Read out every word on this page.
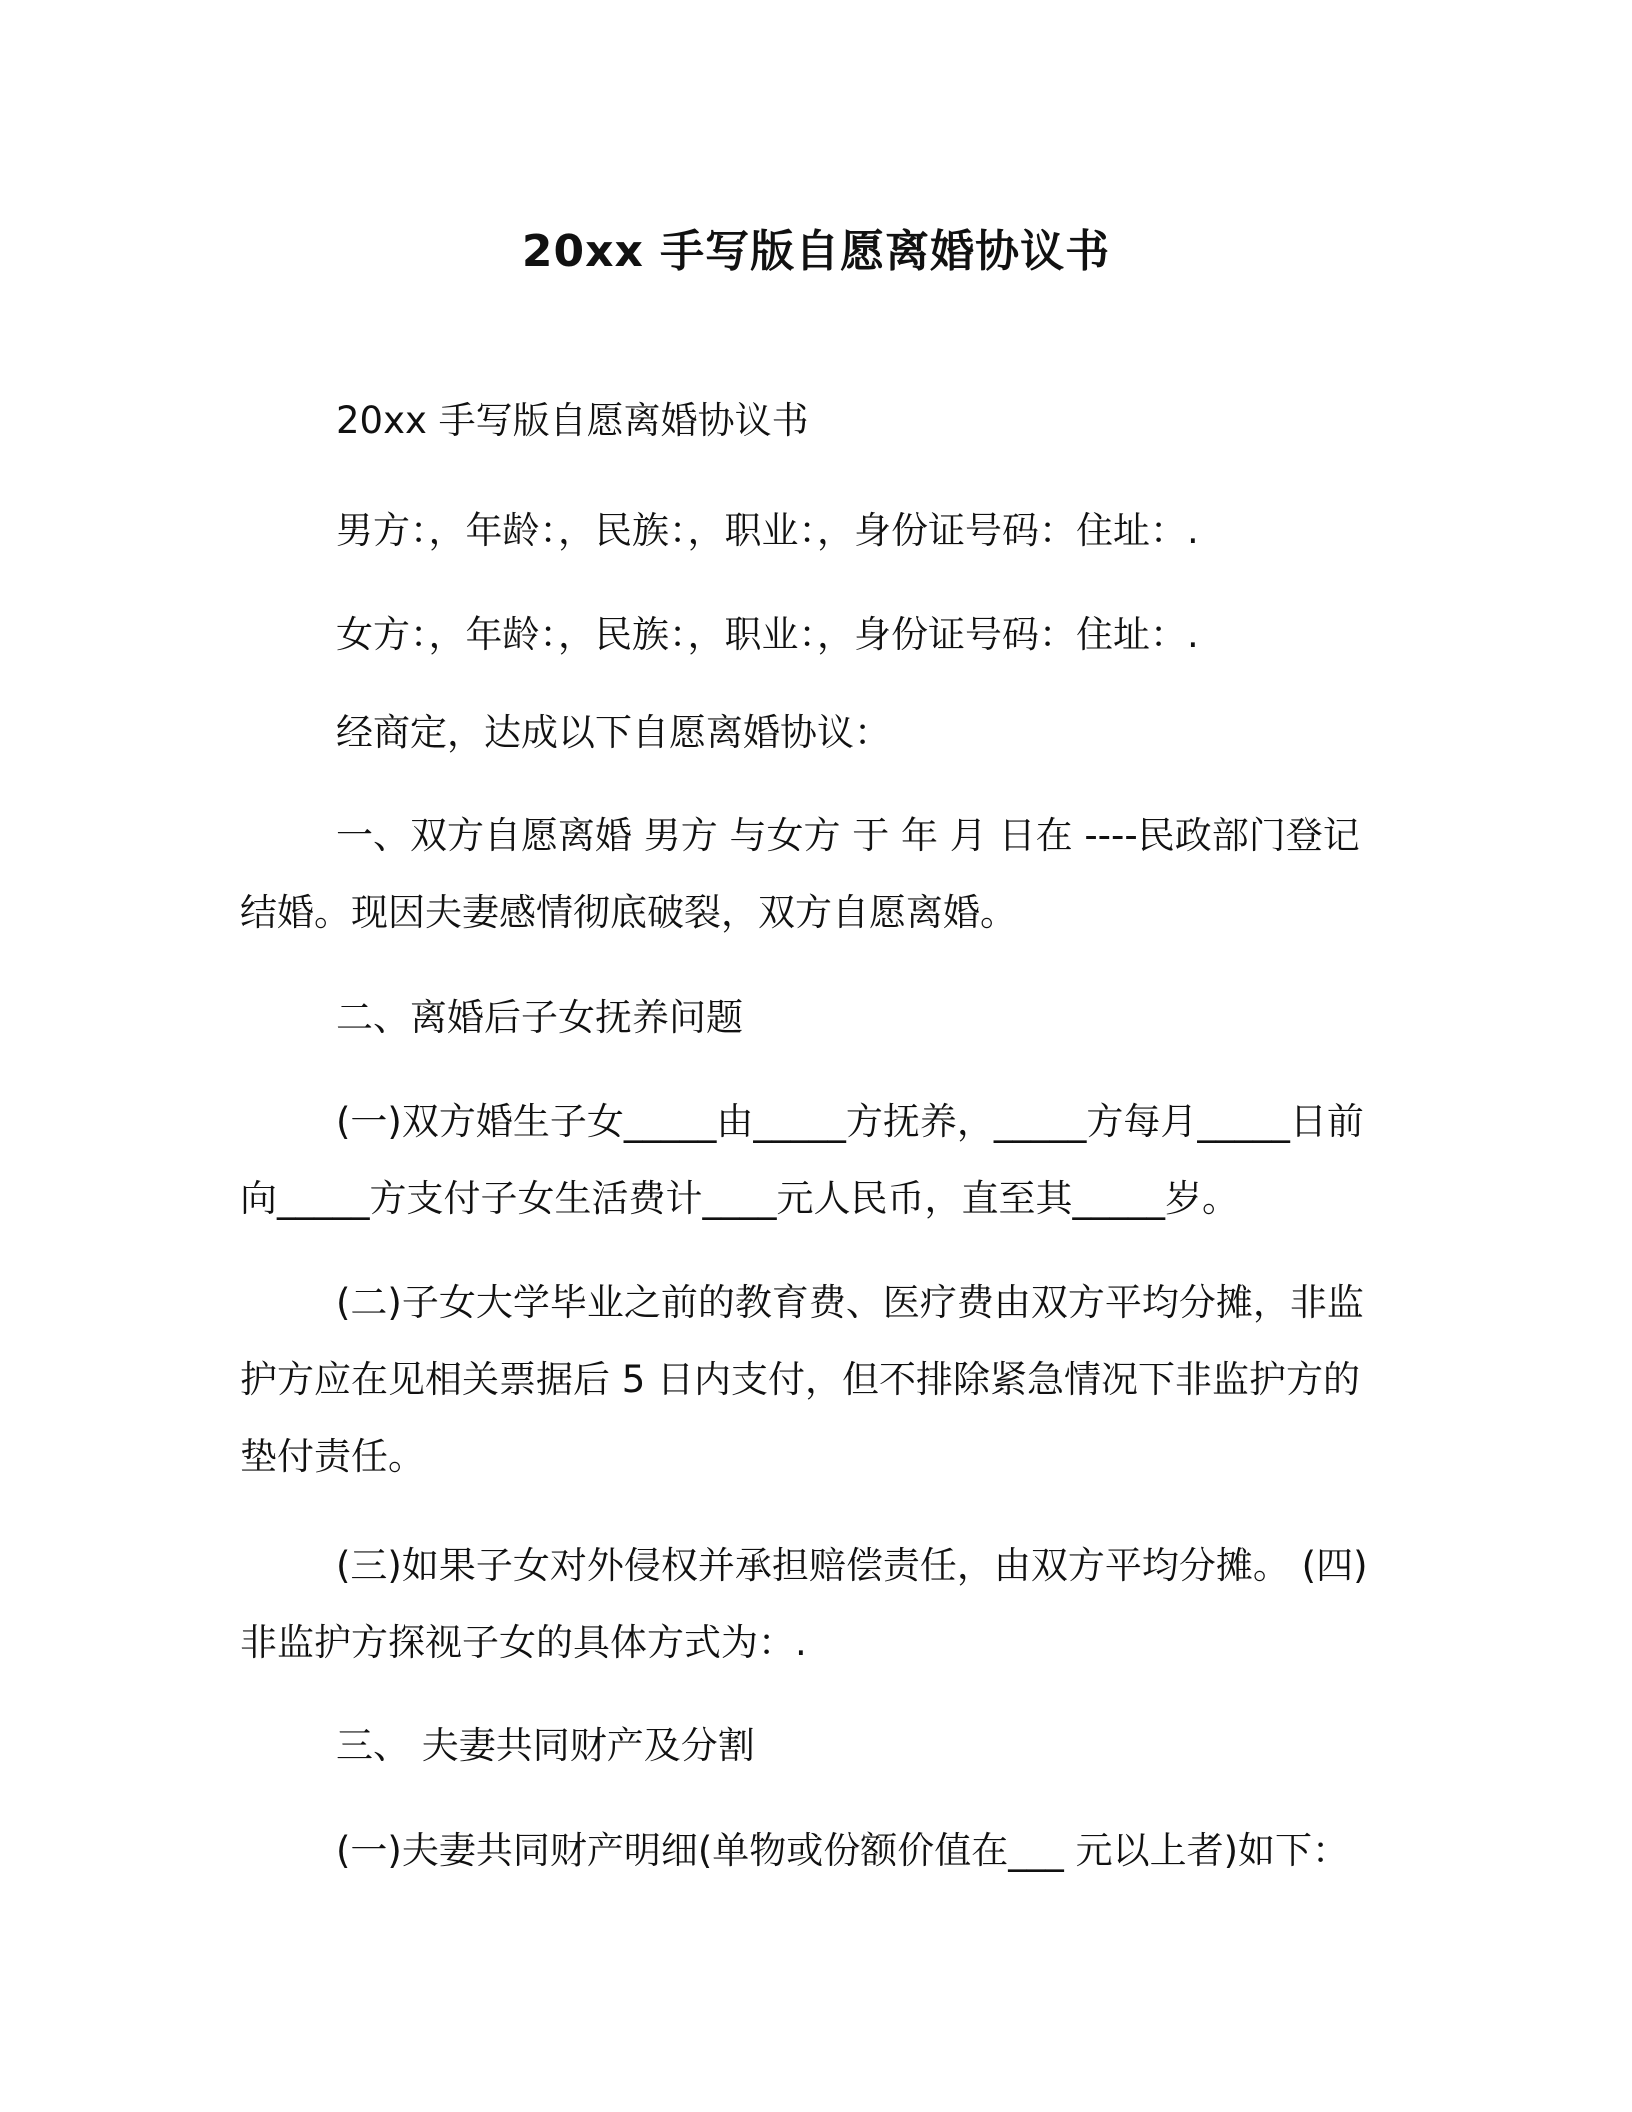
20xx 手写版自愿离婚协议书
20xx 手写版自愿离婚协议书
男方：，年龄：，民族：，职业：，身份证号码：住址：.
女方：，年龄：，民族：，职业：，身份证号码：住址：.
经商定，达成以下自愿离婚协议：
一、双方自愿离婚 男方 与女方 于 年 月 日在 ----民政部门登记结婚。现因夫妻感情彻底破裂，双方自愿离婚。
二、离婚后子女抚养问题
(一)双方婚生子女_____由_____方抚养，_____方每月_____日前向_____方支付子女生活费计____元人民币，直至其_____岁。
(二)子女大学毕业之前的教育费、医疗费由双方平均分摊，非监护方应在见相关票据后 5 日内支付，但不排除紧急情况下非监护方的垫付责任。
(三)如果子女对外侵权并承担赔偿责任，由双方平均分摊。 (四)非监护方探视子女的具体方式为：.
三、 夫妻共同财产及分割
(一)夫妻共同财产明细(单物或份额价值在___ 元以上者)如下：
